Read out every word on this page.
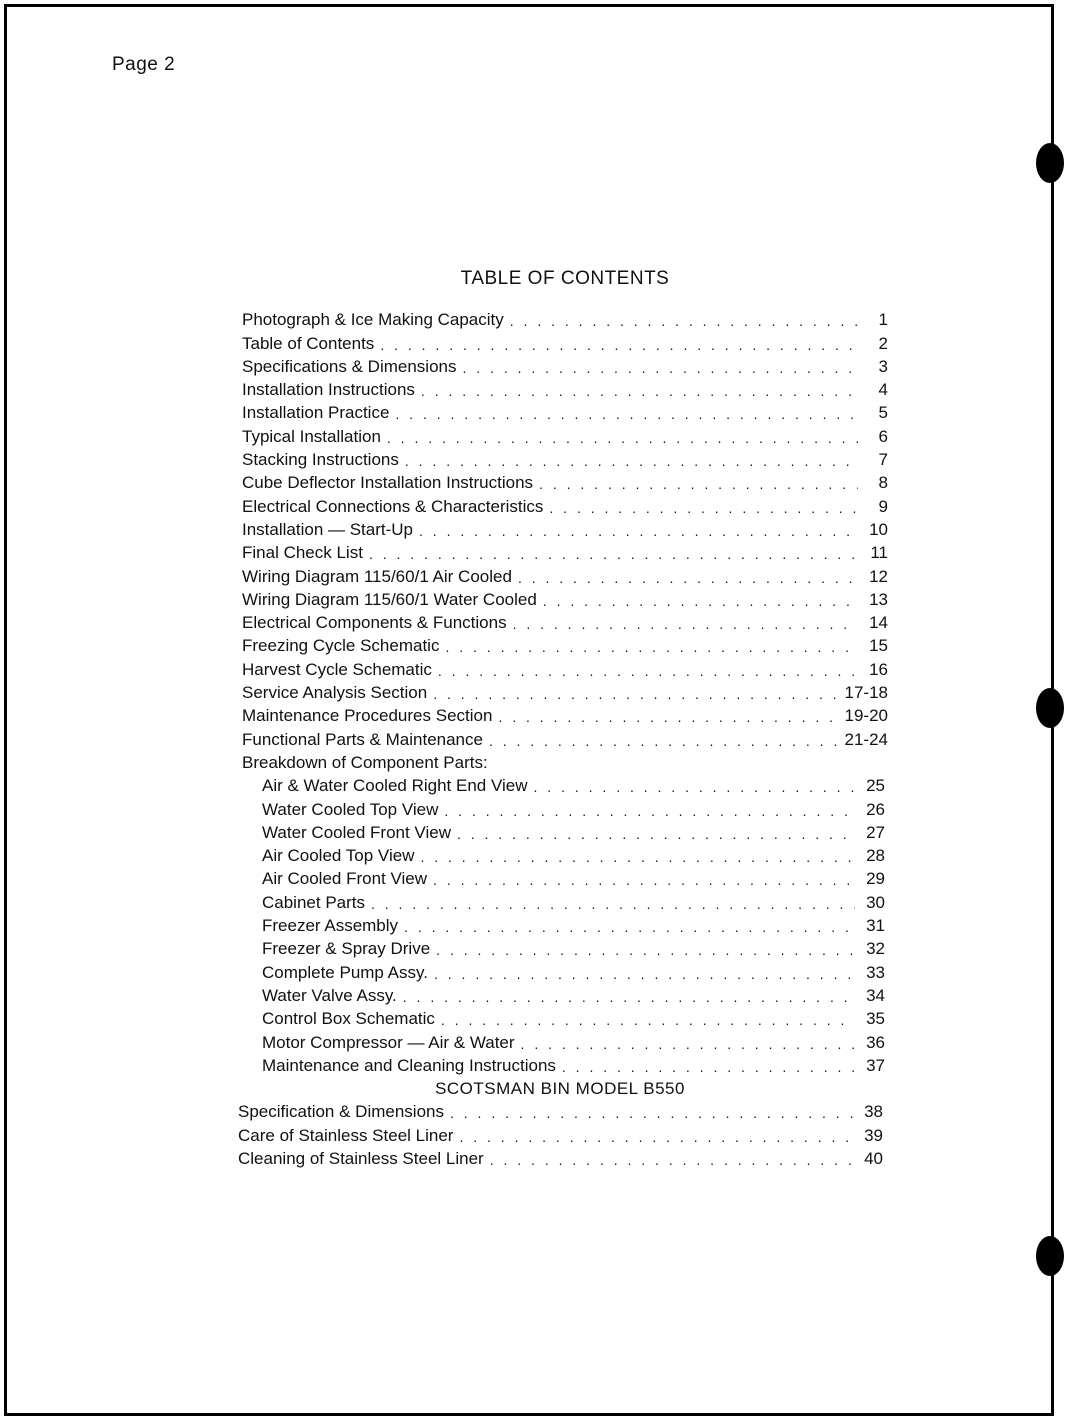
Page 2
TABLE OF CONTENTS
Photograph & Ice Making Capacity . . .	1
Table of Contents . . .	2
Specifications & Dimensions . . .	3
Installation Instructions . . .	4
Installation Practice . . .	5
Typical Installation . . .	6
Stacking Instructions . . .	7
Cube Deflector Installation Instructions . . .	8
Electrical Connections & Characteristics . . .	9
Installation — Start-Up . . .	10
Final Check List . . .	11
Wiring Diagram 115/60/1 Air Cooled . . .	12
Wiring Diagram 115/60/1 Water Cooled . . .	13
Electrical Components & Functions . . .	14
Freezing Cycle Schematic . . .	15
Harvest Cycle Schematic . . .	16
Service Analysis Section . . .	17-18
Maintenance Procedures Section . . .	19-20
Functional Parts & Maintenance . . .	21-24
Breakdown of Component Parts:
Air & Water Cooled Right End View . . .	25
Water Cooled Top View . . .	26
Water Cooled Front View . . .	27
Air Cooled Top View . . .	28
Air Cooled Front View . . .	29
Cabinet Parts . . .	30
Freezer Assembly . . .	31
Freezer & Spray Drive . . .	32
Complete Pump Assy. . . .	33
Water Valve Assy. . . .	34
Control Box Schematic . . .	35
Motor Compressor — Air & Water . . .	36
Maintenance and Cleaning Instructions . . .	37
SCOTSMAN BIN MODEL B550
Specification & Dimensions . . .	38
Care of Stainless Steel Liner . . .	39
Cleaning of Stainless Steel Liner . . .	40
